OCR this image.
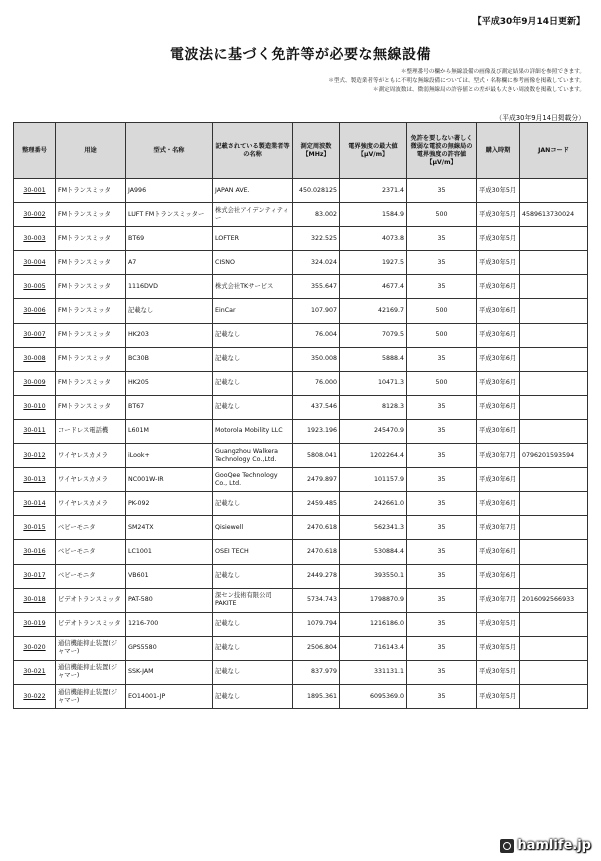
【平成30年9月14日更新】
電波法に基づく免許等が必要な無線設備
＊整理番号の欄から無線設備の画像及び測定結果の詳細を参照できます。
＊型式、製造業者等がともに不明な無線設備については、型式・名称欄に参考画像を掲載しています。
＊測定周波数は、微弱無線局の許容値との差が最も大きい周波数を掲載しています。
（平成30年9月14日掲載分）
整理番号	用途	型式・名称	記載されている製造業者等の名称	測定周波数【MHz】	電界強度の最大値【μV/m】	免許を要しない著しく微弱な電波の無線局の電界強度の許容値【μV/m】	購入時期	JANコード
30-001	FMトランスミッタ	JA996	JAPAN AVE.	450.028125	2371.4	35	平成30年5月	
30-002	FMトランスミッタ	LUFT FMトランスミッター	株式会社アイデンティティー	83.002	1584.9	500	平成30年5月	4589613730024
30-003	FMトランスミッタ	BT69	LOFTER	322.525	4073.8	35	平成30年5月	
30-004	FMトランスミッタ	A7	CISNO	324.024	1927.5	35	平成30年5月	
30-005	FMトランスミッタ	1116DVD	株式会社TKサービス	355.647	4677.4	35	平成30年6月	
30-006	FMトランスミッタ	記載なし	EinCar	107.907	42169.7	500	平成30年6月	
30-007	FMトランスミッタ	HK203	記載なし	76.004	7079.5	500	平成30年6月	
30-008	FMトランスミッタ	BC30B	記載なし	350.008	5888.4	35	平成30年6月	
30-009	FMトランスミッタ	HK205	記載なし	76.000	10471.3	500	平成30年6月	
30-010	FMトランスミッタ	BT67	記載なし	437.546	8128.3	35	平成30年6月	
30-011	コードレス電話機	L601M	Motorola Mobility LLC	1923.196	245470.9	35	平成30年6月	
30-012	ワイヤレスカメラ	iLook+	Guangzhou Walkera Technology Co.,Ltd.	5808.041	1202264.4	35	平成30年7月	0796201593594
30-013	ワイヤレスカメラ	NC001W-IR	GooQee Technology Co., Ltd.	2479.897	101157.9	35	平成30年6月	
30-014	ワイヤレスカメラ	PK-092	記載なし	2459.485	242661.0	35	平成30年6月	
30-015	ベビーモニタ	SM24TX	Qisiewell	2470.618	562341.3	35	平成30年7月	
30-016	ベビーモニタ	LC1001	OSEI TECH	2470.618	530884.4	35	平成30年6月	
30-017	ベビーモニタ	VB601	記載なし	2449.278	393550.1	35	平成30年6月	
30-018	ビデオトランスミッタ	PAT-580	深セン技術有限公司PAKITE	5734.743	1798870.9	35	平成30年7月	2016092566933
30-019	ビデオトランスミッタ	1216-700	記載なし	1079.794	1216186.0	35	平成30年5月	
30-020	通信機能抑止装置(ジャマー)	GPS5580	記載なし	2506.804	716143.4	35	平成30年5月	
30-021	通信機能抑止装置(ジャマー)	SSK-JAM	記載なし	837.979	331131.1	35	平成30年5月	
30-022	通信機能抑止装置(ジャマー)	EO14001-JP	記載なし	1895.361	6095369.0	35	平成30年5月	
hamlife.jp
